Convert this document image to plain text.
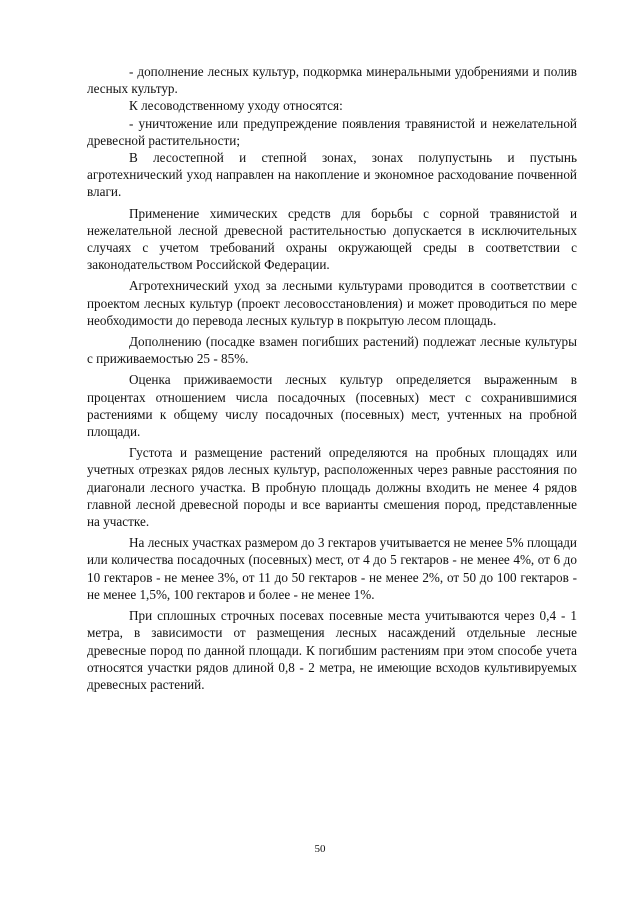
- дополнение лесных культур, подкормка минеральными удобрениями и полив лесных культур.

К лесоводственному уходу относятся:

- уничтожение или предупреждение появления травянистой и нежелательной древесной растительности;

В лесостепной и степной зонах, зонах полупустынь и пустынь агротехнический уход направлен на накопление и экономное расходование почвенной влаги.

Применение химических средств для борьбы с сорной травянистой и нежелательной лесной древесной растительностью допускается в исключительных случаях с учетом требований охраны окружающей среды в соответствии с законодательством Российской Федерации.

Агротехнический уход за лесными культурами проводится в соответствии с проектом лесных культур (проект лесовосстановления) и может проводиться по мере необходимости до перевода лесных культур в покрытую лесом площадь.

Дополнению (посадке взамен погибших растений) подлежат лесные культуры с приживаемостью 25 - 85%.

Оценка приживаемости лесных культур определяется выраженным в процентах отношением числа посадочных (посевных) мест с сохранившимися растениями к общему числу посадочных (посевных) мест, учтенных на пробной площади.

Густота и размещение растений определяются на пробных площадях или учетных отрезках рядов лесных культур, расположенных через равные расстояния по диагонали лесного участка. В пробную площадь должны входить не менее 4 рядов главной лесной древесной породы и все варианты смешения пород, представленные на участке.

На лесных участках размером до 3 гектаров учитывается не менее 5% площади или количества посадочных (посевных) мест, от 4 до 5 гектаров - не менее 4%, от 6 до 10 гектаров - не менее 3%, от 11 до 50 гектаров - не менее 2%, от 50 до 100 гектаров - не менее 1,5%, 100 гектаров и более - не менее 1%.

При сплошных строчных посевах посевные места учитываются через 0,4 - 1 метра, в зависимости от размещения лесных насаждений отдельные лесные древесные пород по данной площади. К погибшим растениям при этом способе учета относятся участки рядов длиной 0,8 - 2 метра, не имеющие всходов культивируемых древесных растений.

50
